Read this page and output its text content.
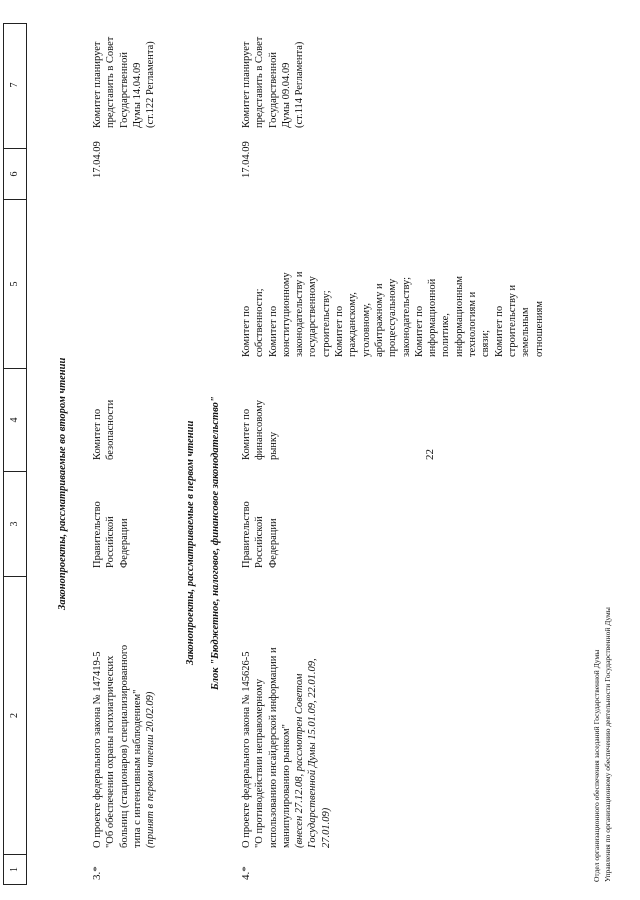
22
1
2
3
4
5
6
7
Законопроекты, рассматриваемые во втором чтении
3.*
О проекте федерального закона № 147419-5 "Об обеспечении охраны психиатрических больниц (стационаров) специализированного типа с интенсивным наблюдением" (принят в первом чтении 20.02.09)
Правительство Российской Федерации
Комитет по безопасности
17.04.09
Комитет планирует представить в Совет Государственной Думы 14.04.09 (ст.122 Регламента)
Законопроекты, рассматриваемые в первом чтении Блок "Бюджетное, налоговое, финансовое законодательство"
4.*
О проекте федерального закона № 145626-5 "О противодействии неправомерному использованию инсайдерской информации и манипулированию рынком" (внесен 27.12.08, рассмотрен Советом Государственной Думы 15.01.09, 22.01.09, 27.01.09)
Правительство Российской Федерации
Комитет по финансовому рынку
Комитет по собственности; Комитет по конституционному законодательству и государственному строительству; Комитет по гражданскому, уголовному, арбитражному и процессуальному законодательству; Комитет по информационной политике, информационным технологиям и связи; Комитет по строительству и земельным отношениям
17.04.09
Комитет планирует представить в Совет Государственной Думы 09.04.09 (ст.114 Регламента)
Отдел организационного обеспечения заседаний Государственной Думы Управления по организационному обеспечению деятельности Государственной Думы
